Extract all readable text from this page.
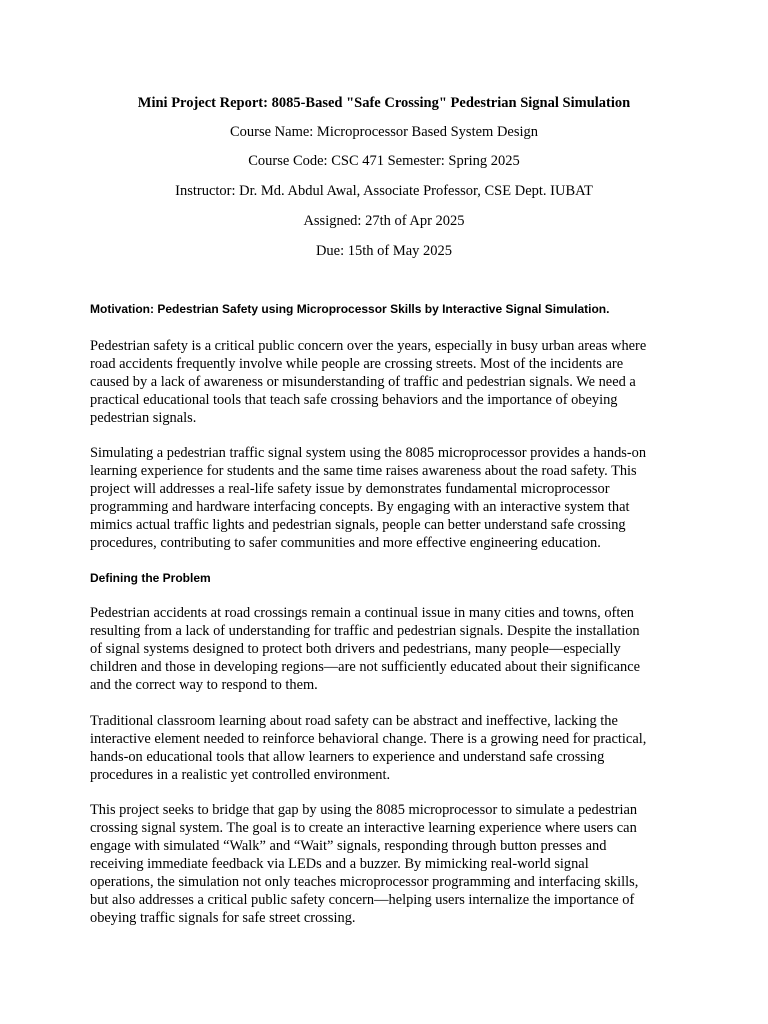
Mini Project Report: 8085-Based "Safe Crossing" Pedestrian Signal Simulation
Course Name: Microprocessor Based System Design
Course Code: CSC 471 Semester: Spring 2025
Instructor: Dr. Md. Abdul Awal, Associate Professor, CSE Dept. IUBAT
Assigned: 27th of Apr 2025
Due: 15th of May 2025
Motivation: Pedestrian Safety using Microprocessor Skills by Interactive Signal Simulation.
Pedestrian safety is a critical public concern over the years, especially in busy urban areas where
road accidents frequently involve while people are crossing streets. Most of the incidents are
caused by a lack of awareness or misunderstanding of traffic and pedestrian signals. We need a
practical educational tools that teach safe crossing behaviors and the importance of obeying
pedestrian signals.
Simulating a pedestrian traffic signal system using the 8085 microprocessor provides a hands-on
learning experience for students and the same time raises awareness about the road safety. This
project will addresses a real-life safety issue by demonstrates fundamental microprocessor
programming and hardware interfacing concepts. By engaging with an interactive system that
mimics actual traffic lights and pedestrian signals, people can better understand safe crossing
procedures, contributing to safer communities and more effective engineering education.
Defining the Problem
Pedestrian accidents at road crossings remain a continual issue in many cities and towns, often
resulting from a lack of understanding for traffic and pedestrian signals. Despite the installation
of signal systems designed to protect both drivers and pedestrians, many people—especially
children and those in developing regions—are not sufficiently educated about their significance
and the correct way to respond to them.
Traditional classroom learning about road safety can be abstract and ineffective, lacking the
interactive element needed to reinforce behavioral change. There is a growing need for practical,
hands-on educational tools that allow learners to experience and understand safe crossing
procedures in a realistic yet controlled environment.
This project seeks to bridge that gap by using the 8085 microprocessor to simulate a pedestrian
crossing signal system. The goal is to create an interactive learning experience where users can
engage with simulated “Walk” and “Wait” signals, responding through button presses and
receiving immediate feedback via LEDs and a buzzer. By mimicking real-world signal
operations, the simulation not only teaches microprocessor programming and interfacing skills,
but also addresses a critical public safety concern—helping users internalize the importance of
obeying traffic signals for safe street crossing.
